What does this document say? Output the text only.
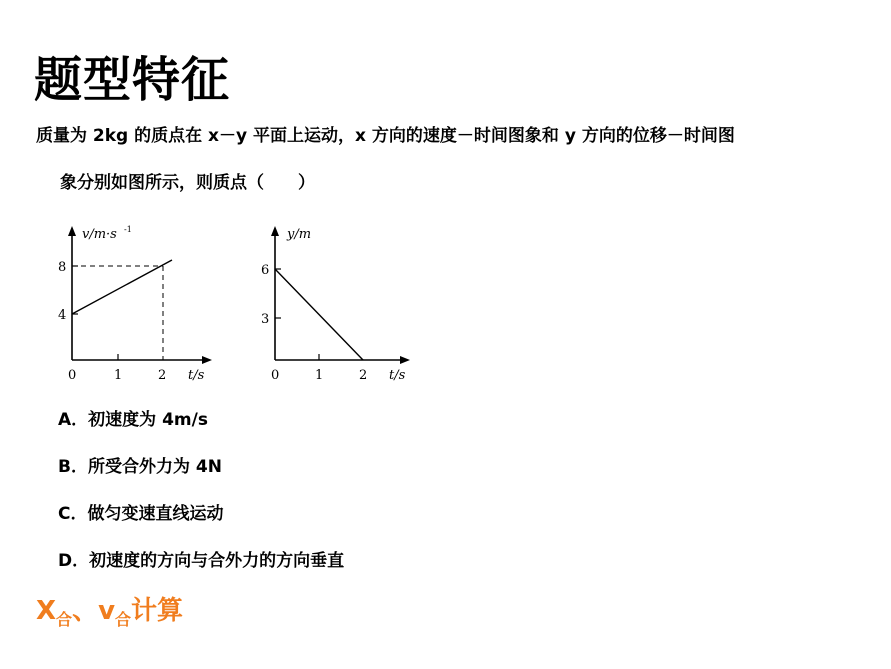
题型特征
质量为 2kg 的质点在 x－y 平面上运动，x 方向的速度－时间图象和 y 方向的位移－时间图
象分别如图所示，则质点（　　）
v/m·s -1
8
4
0	1	2 t/s
y/m
6
3
0	1	2 t/s
A．初速度为 4m/s
B．所受合外力为 4N
C．做匀变速直线运动
D．初速度的方向与合外力的方向垂直
$X_合$、$v_合$计算
